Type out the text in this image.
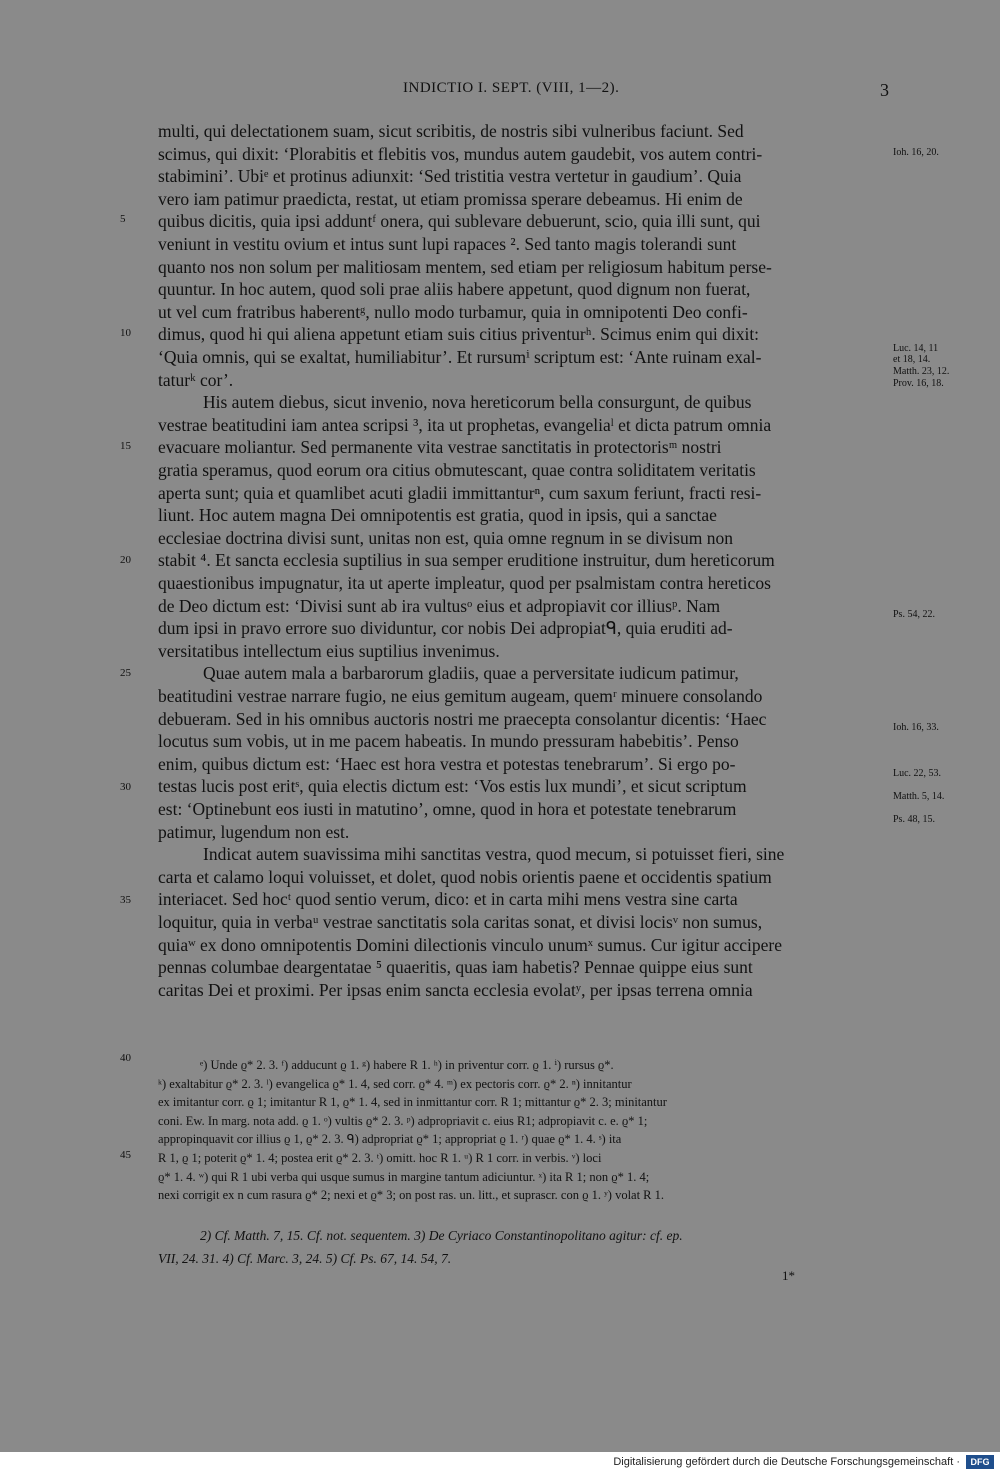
INDICTIO I. SEPT. (VIII, 1—2).	3
multi, qui delectationem suam, sicut scribitis, de nostris sibi vulneribus faciunt. Sed
scimus, qui dixit: ‘Plorabitis et flebitis vos, mundus autem gaudebit, vos autem contri-
stabimini’. Ubiᵉ et protinus adiunxit: ‘Sed tristitia vestra vertetur in gaudium’. Quia
vero iam patimur praedicta, restat, ut etiam promissa sperare debeamus. Hi enim de
quibus dicitis, quia ipsi adduntᶠ onera, qui sublevare debuerunt, scio, quia illi sunt, qui
veniunt in vestitu ovium et intus sunt lupi rapaces ². Sed tanto magis tolerandi sunt
quanto nos non solum per malitiosam mentem, sed etiam per religiosum habitum perse-
quuntur. In hoc autem, quod soli prae aliis habere appetunt, quod dignum non fuerat,
ut vel cum fratribus haberentᵍ, nullo modo turbamur, quia in omnipotenti Deo confi-
dimus, quod hi qui aliena appetunt etiam suis citius priventurʰ. Scimus enim qui dixit:
‘Quia omnis, qui se exaltat, humiliabitur’. Et rursumⁱ scriptum est: ‘Ante ruinam exal-
taturᵏ cor’.
His autem diebus, sicut invenio, nova hereticorum bella consurgunt, de quibus
vestrae beatitudini iam antea scripsi ³, ita ut prophetas, evangeliaˡ et dicta patrum omnia
evacuare moliantur. Sed permanente vita vestrae sanctitatis in protectorisᵐ nostri
gratia speramus, quod eorum ora citius obmutescant, quae contra soliditatem veritatis
aperta sunt; quia et quamlibet acuti gladii immittanturⁿ, cum saxum feriunt, fracti resi-
liunt. Hoc autem magna Dei omnipotentis est gratia, quod in ipsis, qui a sanctae
ecclesiae doctrina divisi sunt, unitas non est, quia omne regnum in se divisum non
stabit ⁴. Et sancta ecclesia suptilius in sua semper eruditione instruitur, dum hereticorum
quaestionibus impugnatur, ita ut aperte impleatur, quod per psalmistam contra hereticos
de Deo dictum est: ‘Divisi sunt ab ira vultusᵒ eius et adpropiavit cor illiusᵖ. Nam
dum ipsi in pravo errore suo dividuntur, cor nobis Dei adpropiatᑫ, quia eruditi ad-
versitatibus intellectum eius suptilius invenimus.
Quae autem mala a barbarorum gladiis, quae a perversitate iudicum patimur,
beatitudini vestrae narrare fugio, ne eius gemitum augeam, quemʳ minuere consolando
debueram. Sed in his omnibus auctoris nostri me praecepta consolantur dicentis: ‘Haec
locutus sum vobis, ut in me pacem habeatis. In mundo pressuram habebitis’. Penso
enim, quibus dictum est: ‘Haec est hora vestra et potestas tenebrarum’. Si ergo po-
testas lucis post eritˢ, quia electis dictum est: ‘Vos estis lux mundi’, et sicut scriptum
est: ‘Optinebunt eos iusti in matutino’, omne, quod in hora et potestate tenebrarum
patimur, lugendum non est.
Indicat autem suavissima mihi sanctitas vestra, quod mecum, si potuisset fieri, sine
carta et calamo loqui voluisset, et dolet, quod nobis orientis paene et occidentis spatium
interiacet. Sed hocᵗ quod sentio verum, dico: et in carta mihi mens vestra sine carta
loquitur, quia in verbaᵘ vestrae sanctitatis sola caritas sonat, et divisi locisᵛ non sumus,
quiaʷ ex dono omnipotentis Domini dilectionis vinculo unumˣ sumus. Cur igitur accipere
pennas columbae deargentatae ⁵ quaeritis, quas iam habetis? Pennae quippe eius sunt
caritas Dei et proximi. Per ipsas enim sancta ecclesia evolatʸ, per ipsas terrena omnia
5
10
15
20
25
30
35
40
45
Ioh. 16, 20.
Luc. 14, 11
et 18, 14.
Matth. 23, 12.
Prov. 16, 18.
Ps. 54, 22.
Ioh. 16, 33.
Luc. 22, 53.
Matth. 5, 14.
Ps. 48, 15.
ᵉ) Unde ϱ* 2. 3. ᶠ) adducunt ϱ 1. ᵍ) habere R 1. ʰ) in priventur corr. ϱ 1. ⁱ) rursus ϱ*.
ᵏ) exaltabitur ϱ* 2. 3. ˡ) evangelica ϱ* 1. 4, sed corr. ϱ* 4. ᵐ) ex pectoris corr. ϱ* 2. ⁿ) innitantur
ex imitantur corr. ϱ 1; imitantur R 1, ϱ* 1. 4, sed in inmittantur corr. R 1; mittantur ϱ* 2. 3; minitantur
coni. Ew. In marg. nota add. ϱ 1. ᵒ) vultis ϱ* 2. 3. ᵖ) adpropriavit c. eius R1; adpropiavit c. e. ϱ* 1;
appropinquavit cor illius ϱ 1, ϱ* 2. 3. ᑫ) adpropriat ϱ* 1; appropriat ϱ 1. ʳ) quae ϱ* 1. 4. ˢ) ita
R 1, ϱ 1; poterit ϱ* 1. 4; postea erit ϱ* 2. 3. ᵗ) omitt. hoc R 1. ᵘ) R 1 corr. in verbis. ᵛ) loci
ϱ* 1. 4. ʷ) qui R 1 ubi verba qui usque sumus in margine tantum adiciuntur. ˣ) ita R 1; non ϱ* 1. 4;
nexi corrigit ex n cum rasura ϱ* 2; nexi et ϱ* 3; on post ras. un. litt., et suprascr. con ϱ 1. ʸ) volat R 1.
2) Cf. Matth. 7, 15. Cf. not. sequentem. 3) De Cyriaco Constantinopolitano agitur: cf. ep.
VII, 24. 31. 4) Cf. Marc. 3, 24. 5) Cf. Ps. 67, 14. 54, 7.
1*
Digitalisierung gefördert durch die Deutsche Forschungsgemeinschaft ·	DFG
